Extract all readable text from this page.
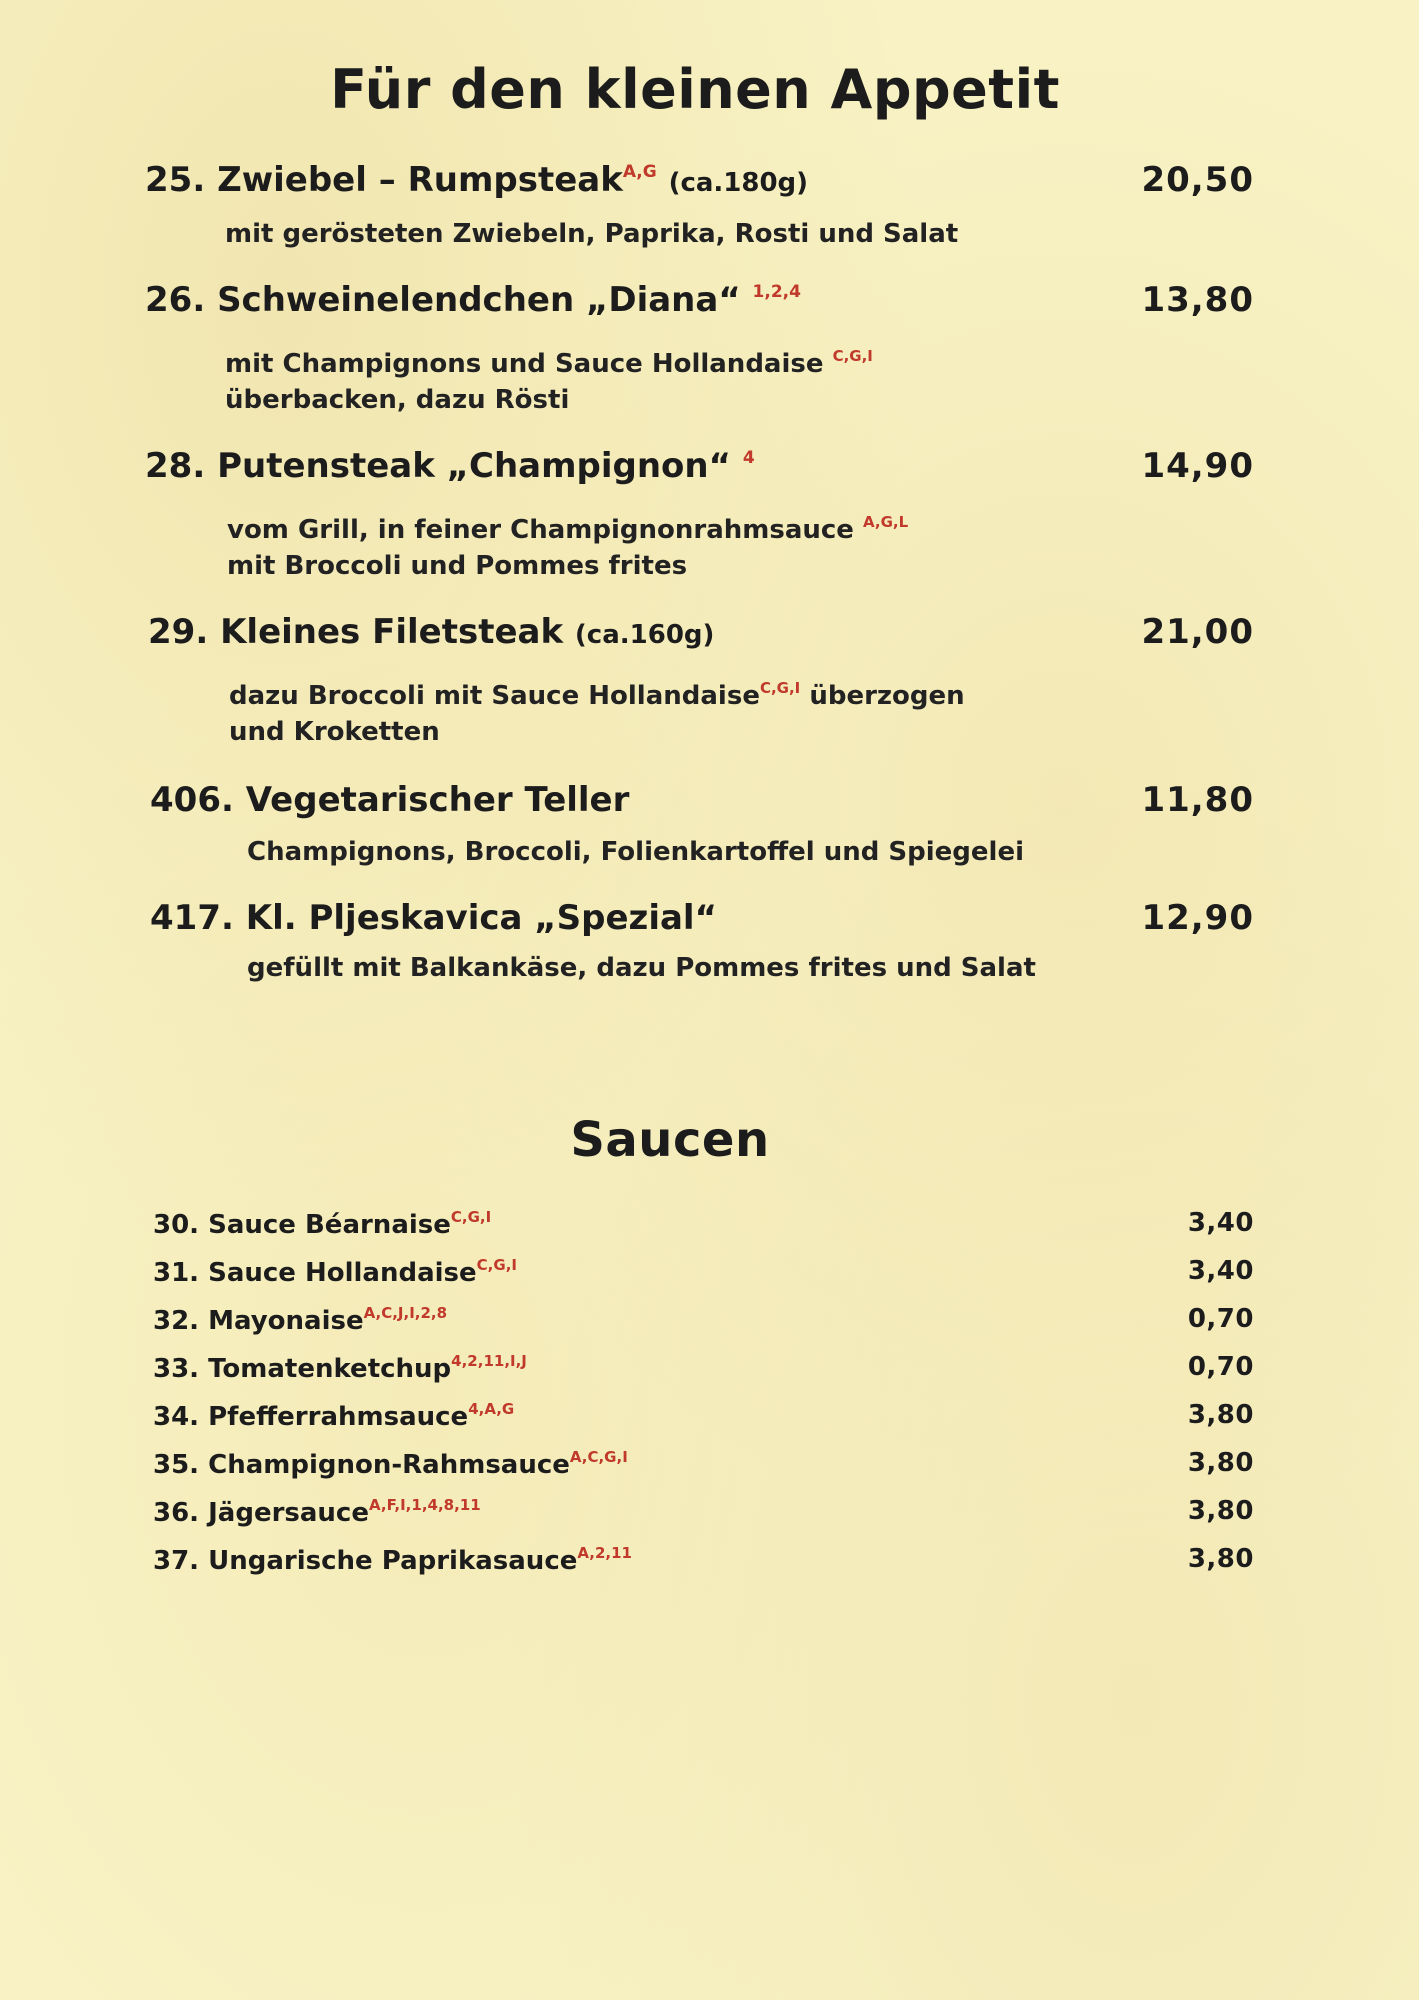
Für den kleinen Appetit
25. Zwiebel – Rumpsteak$^{A,G}$ (ca.180g)	20,50
mit gerösteten Zwiebeln, Paprika, Rosti und Salat
26. Schweinelendchen „Diana“ $^{1,2,4}$	13,80
mit Champignons und Sauce Hollandaise $^{C,G,I}$
überbacken, dazu Rösti
28. Putensteak „Champignon“ $^4$	14,90
vom Grill, in feiner Champignonrahmsauce $^{A,G,L}$
mit Broccoli und Pommes frites
29. Kleines Filetsteak (ca.160g)	21,00
dazu Broccoli mit Sauce Hollandaise$^{C,G,I}$ überzogen
und Kroketten
406. Vegetarischer Teller	11,80
Champignons, Broccoli, Folienkartoffel und Spiegelei
417. Kl. Pljeskavica „Spezial“	12,90
gefüllt mit Balkankäse, dazu Pommes frites und Salat
Saucen
30. Sauce Béarnaise$^{C,G,I}$	3,40
31. Sauce Hollandaise$^{C,G,I}$	3,40
32. Mayonaise$^{A,C,J,I,2,8}$	0,70
33. Tomatenketchup$^{4,2,11,I,J}$	0,70
34. Pfefferrahmsauce$^{4,A,G}$	3,80
35. Champignon-Rahmsauce$^{A,C,G,I}$	3,80
36. Jägersauce$^{A,F,I,1,4,8,11}$	3,80
37. Ungarische Paprikasauce$^{A,2,11}$	3,80
